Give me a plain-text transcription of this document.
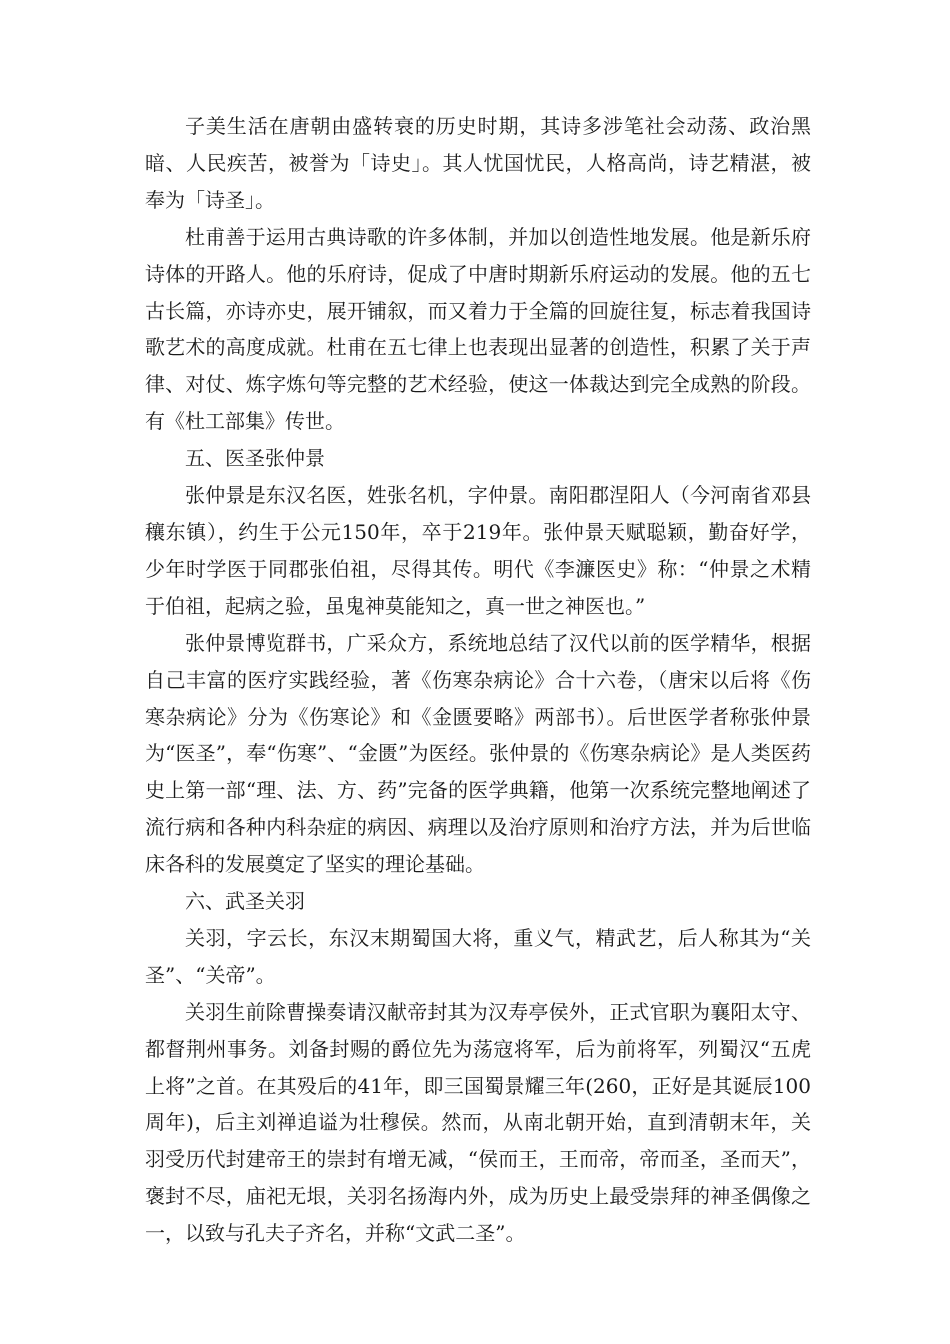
子美生活在唐朝由盛转衰的历史时期，其诗多涉笔社会动荡、政治黑暗、人民疾苦，被誉为「诗史」。其人忧国忧民，人格高尚，诗艺精湛，被奉为「诗圣」。

杜甫善于运用古典诗歌的许多体制，并加以创造性地发展。他是新乐府诗体的开路人。他的乐府诗，促成了中唐时期新乐府运动的发展。他的五七古长篇，亦诗亦史，展开铺叙，而又着力于全篇的回旋往复，标志着我国诗歌艺术的高度成就。杜甫在五七律上也表现出显著的创造性，积累了关于声律、对仗、炼字炼句等完整的艺术经验，使这一体裁达到完全成熟的阶段。有《杜工部集》传世。

五、医圣张仲景

张仲景是东汉名医，姓张名机，字仲景。南阳郡涅阳人（今河南省邓县穰东镇），约生于公元150年，卒于219年。张仲景天赋聪颖，勤奋好学，少年时学医于同郡张伯祖，尽得其传。明代《李濂医史》称：“仲景之术精于伯祖，起病之验，虽鬼神莫能知之，真一世之神医也。”

张仲景博览群书，广采众方，系统地总结了汉代以前的医学精华，根据自己丰富的医疗实践经验，著《伤寒杂病论》合十六卷，（唐宋以后将《伤寒杂病论》分为《伤寒论》和《金匮要略》两部书）。后世医学者称张仲景为“医圣”，奉“伤寒”、“金匮”为医经。张仲景的《伤寒杂病论》是人类医药史上第一部“理、法、方、药”完备的医学典籍，他第一次系统完整地阐述了流行病和各种内科杂症的病因、病理以及治疗原则和治疗方法，并为后世临床各科的发展奠定了坚实的理论基础。

六、武圣关羽

关羽，字云长，东汉末期蜀国大将，重义气，精武艺，后人称其为“关圣”、“关帝”。

关羽生前除曹操奏请汉献帝封其为汉寿亭侯外，正式官职为襄阳太守、都督荆州事务。刘备封赐的爵位先为荡寇将军，后为前将军，列蜀汉“五虎上将”之首。在其殁后的41年，即三国蜀景耀三年(260，正好是其诞辰100周年)，后主刘禅追谥为壮穆侯。然而，从南北朝开始，直到清朝末年，关羽受历代封建帝王的崇封有增无减，“侯而王，王而帝，帝而圣，圣而天”，褒封不尽，庙祀无垠，关羽名扬海内外，成为历史上最受崇拜的神圣偶像之一，以致与孔夫子齐名，并称“文武二圣”。
